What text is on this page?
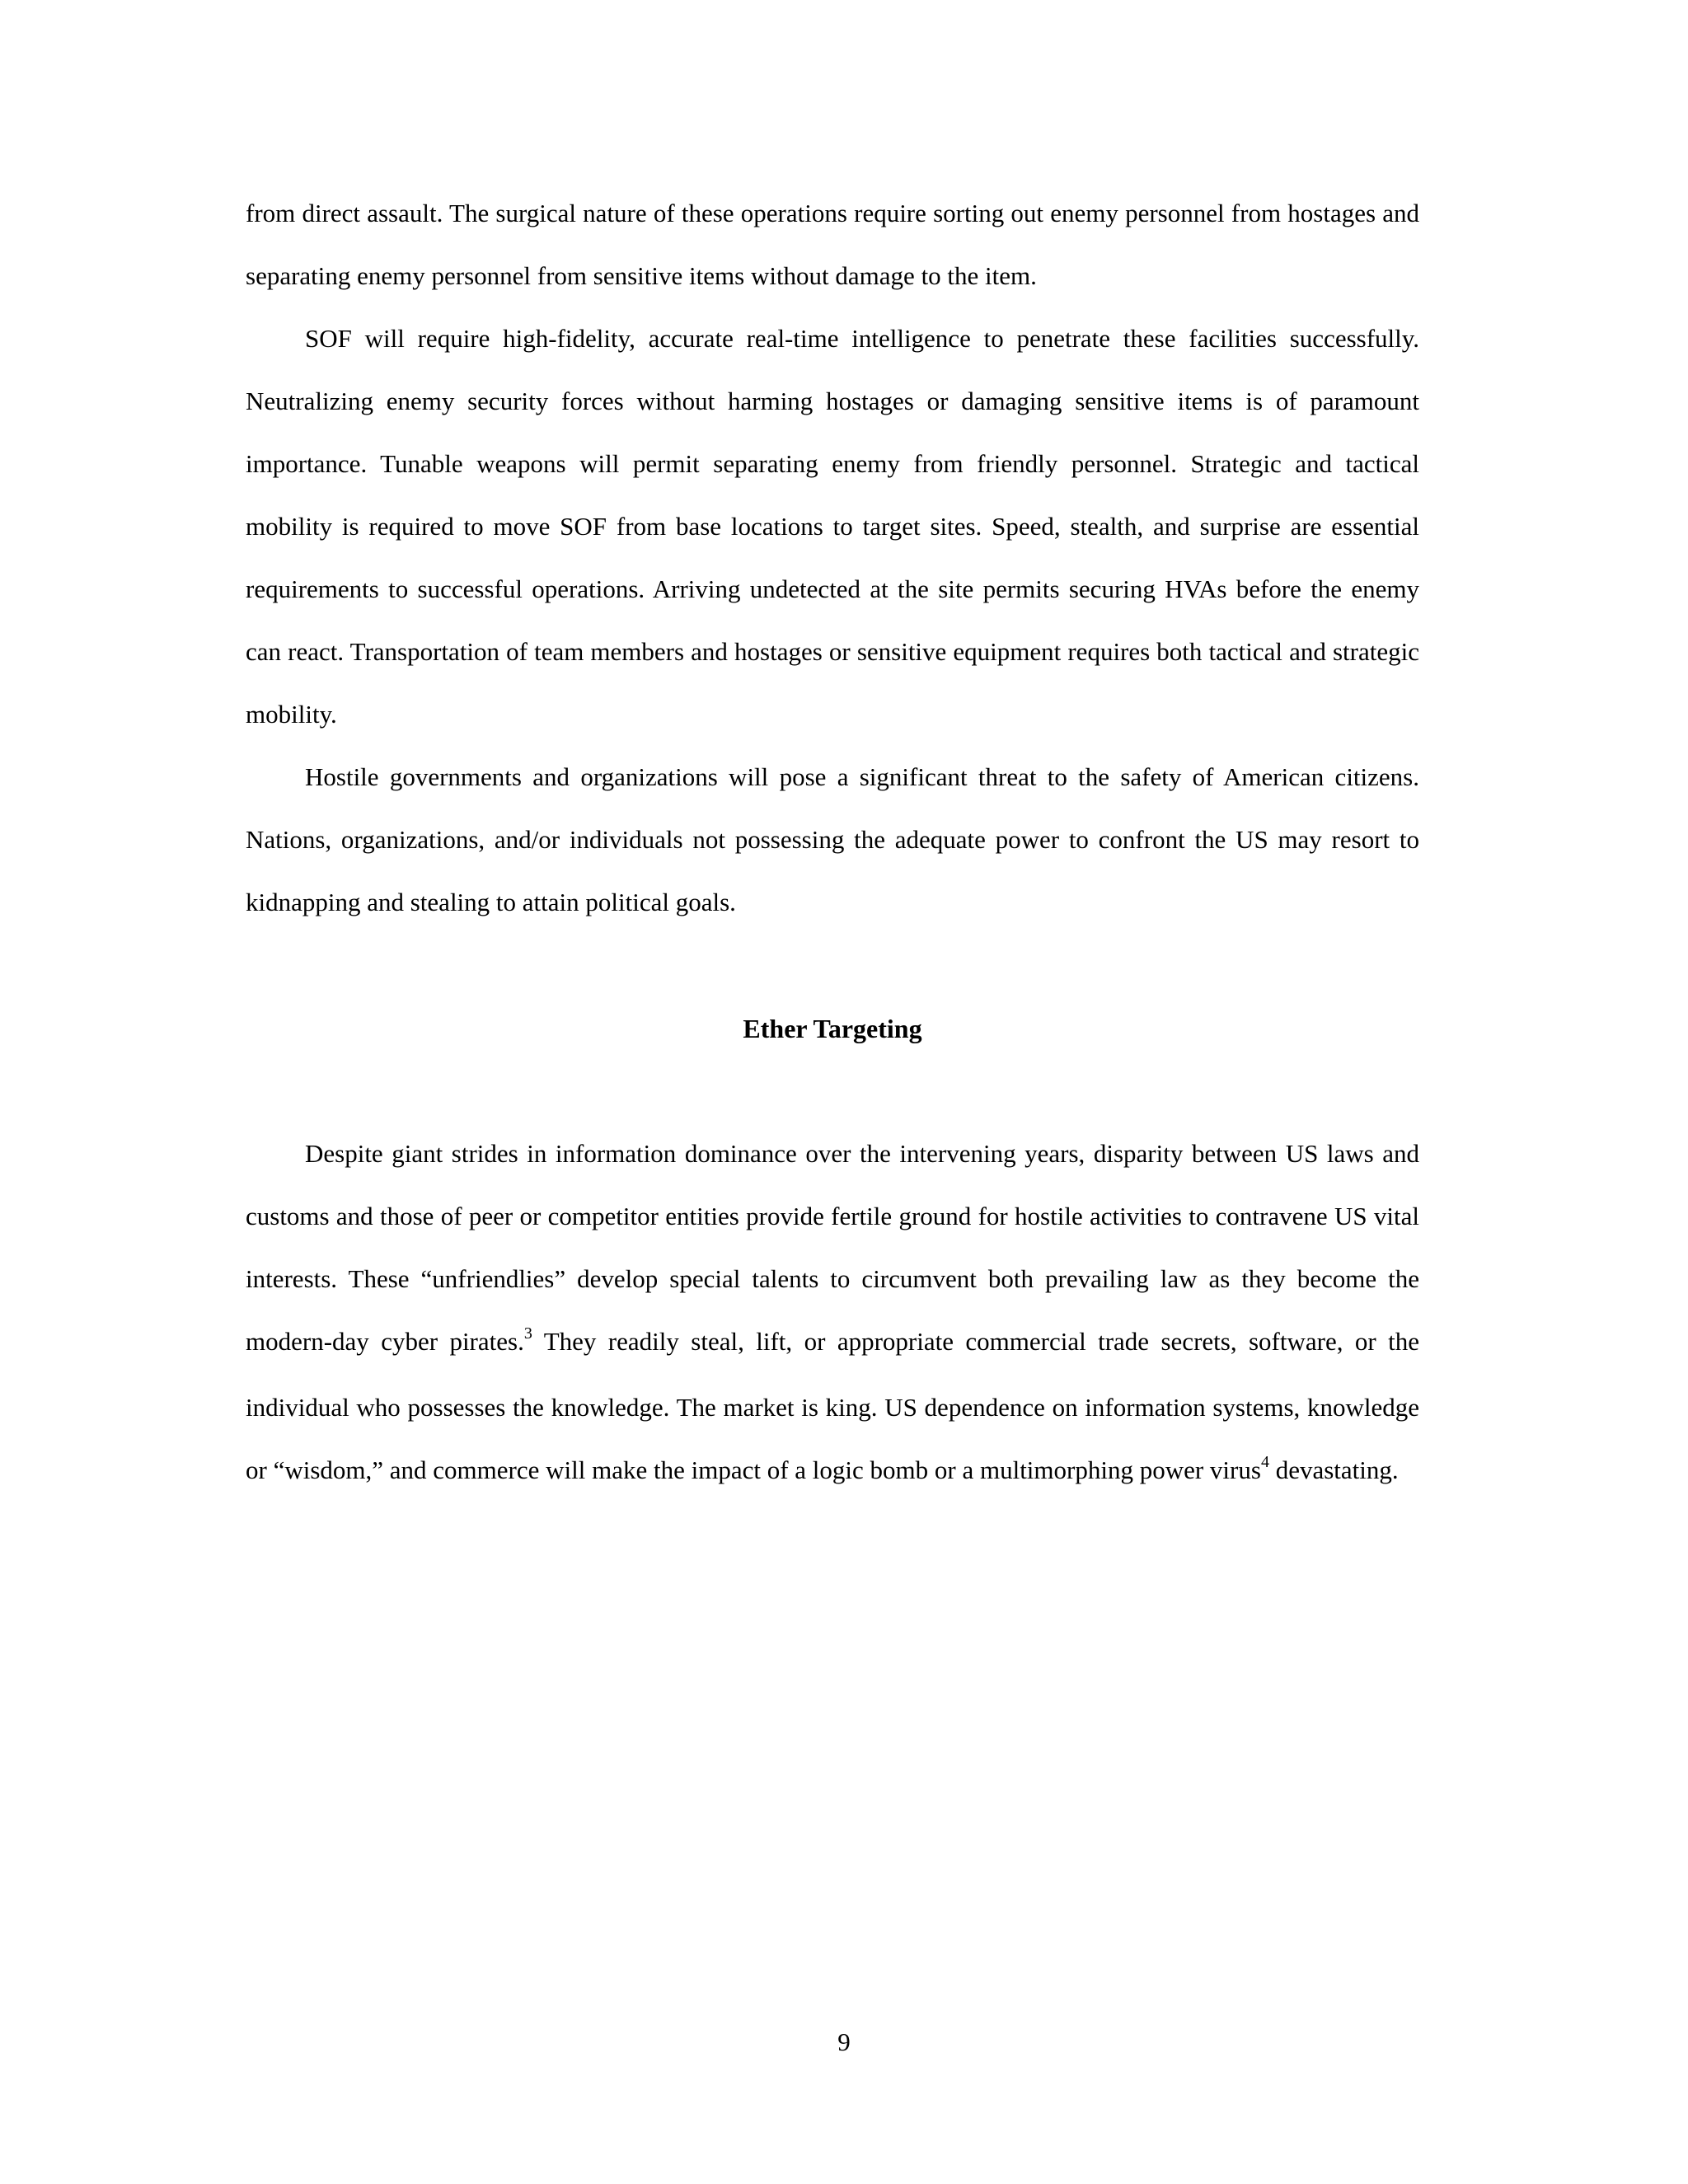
from direct assault. The surgical nature of these operations require sorting out enemy personnel from hostages and separating enemy personnel from sensitive items without damage to the item.

SOF will require high-fidelity, accurate real-time intelligence to penetrate these facilities successfully. Neutralizing enemy security forces without harming hostages or damaging sensitive items is of paramount importance. Tunable weapons will permit separating enemy from friendly personnel. Strategic and tactical mobility is required to move SOF from base locations to target sites. Speed, stealth, and surprise are essential requirements to successful operations. Arriving undetected at the site permits securing HVAs before the enemy can react. Transportation of team members and hostages or sensitive equipment requires both tactical and strategic mobility.

Hostile governments and organizations will pose a significant threat to the safety of American citizens. Nations, organizations, and/or individuals not possessing the adequate power to confront the US may resort to kidnapping and stealing to attain political goals.

Ether Targeting

Despite giant strides in information dominance over the intervening years, disparity between US laws and customs and those of peer or competitor entities provide fertile ground for hostile activities to contravene US vital interests. These “unfriendlies” develop special talents to circumvent both prevailing law as they become the modern-day cyber pirates.$^3$ They readily steal, lift, or appropriate commercial trade secrets, software, or the individual who possesses the knowledge. The market is king. US dependence on information systems, knowledge or “wisdom,” and commerce will make the impact of a logic bomb or a multimorphing power virus$^4$ devastating.

9
